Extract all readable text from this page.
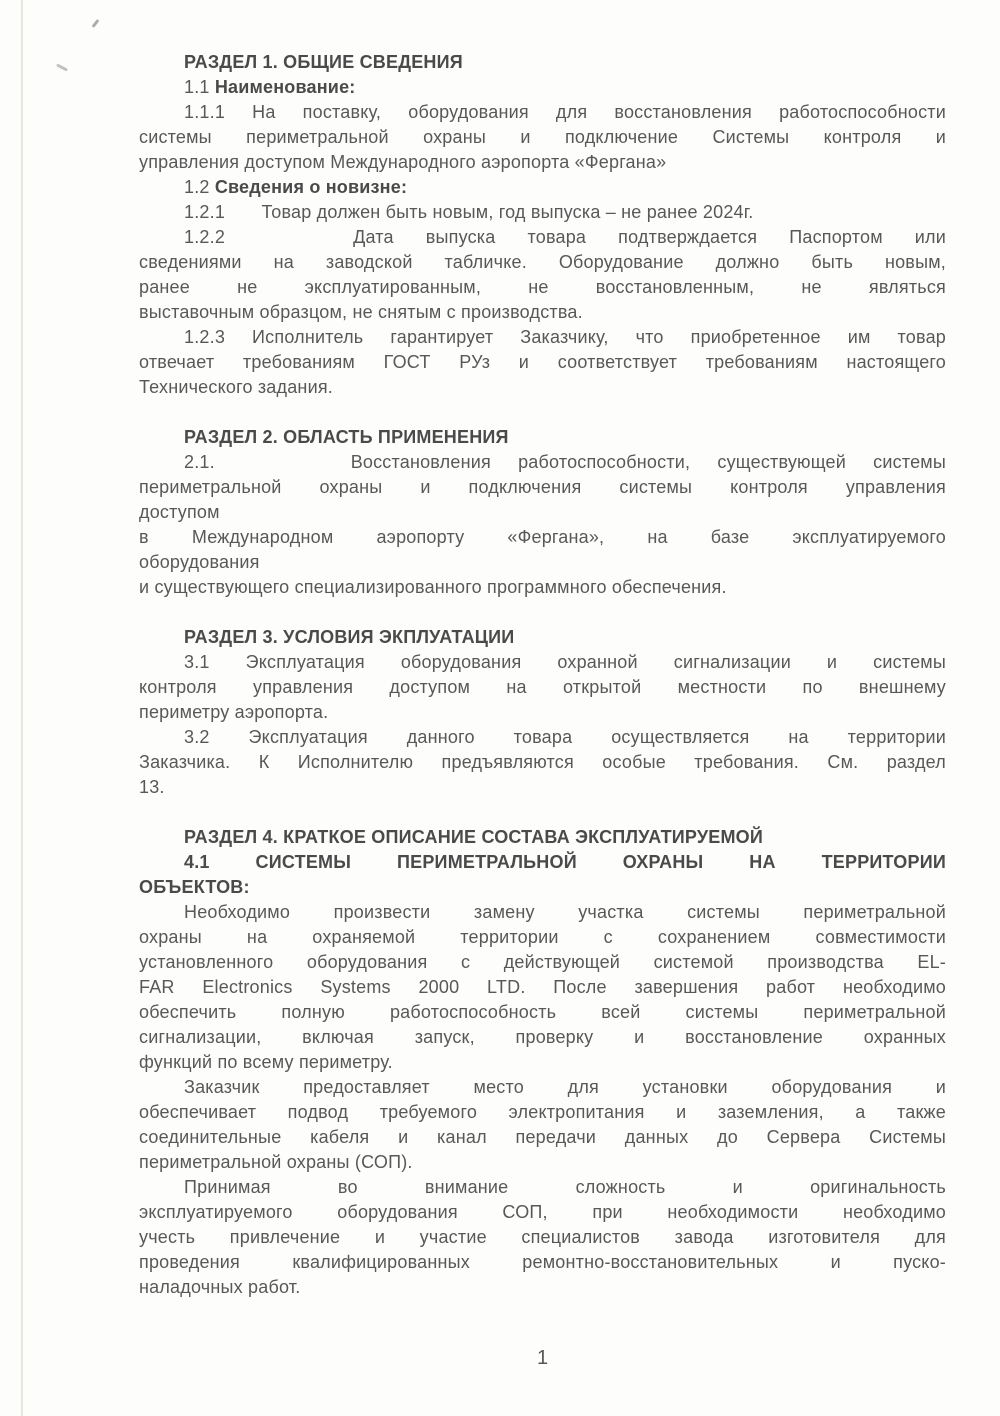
РАЗДЕЛ 1. ОБЩИЕ СВЕДЕНИЯ
1.1 Наименование:
1.1.1 На поставку, оборудования для восстановления работоспособности
системы периметральной охраны и подключение Системы контроля и
управления доступом Международного аэропорта «Фергана»
1.2 Сведения о новизне:
1.2.1       Товар должен быть новым, год выпуска – не ранее 2024г.
1.2.2    Дата выпуска товара подтверждается Паспортом или
сведениями на заводской табличке. Оборудование должно быть новым,
ранее не эксплуатированным, не восстановленным, не являться
выставочным образцом, не снятым с производства.
1.2.3 Исполнитель гарантирует Заказчику, что приобретенное им товар
отвечает требованиям ГОСТ РУз и соответствует требованиям настоящего
Технического задания.
РАЗДЕЛ 2. ОБЛАСТЬ ПРИМЕНЕНИЯ
2.1.     Восстановления работоспособности, существующей системы
периметральной охраны и подключения системы контроля управления
доступом
в Международном аэропорту «Фергана», на базе эксплуатируемого
оборудования
и существующего специализированного программного обеспечения.
РАЗДЕЛ 3. УСЛОВИЯ ЭКПЛУАТАЦИИ
3.1 Эксплуатация оборудования охранной сигнализации и системы
контроля управления доступом на открытой местности по внешнему
периметру аэропорта.
3.2 Эксплуатация данного товара осуществляется на территории
Заказчика. К Исполнителю предъявляются особые требования. См. раздел
13.
РАЗДЕЛ 4. КРАТКОЕ ОПИСАНИЕ СОСТАВА ЭКСПЛУАТИРУЕМОЙ
4.1 СИСТЕМЫ ПЕРИМЕТРАЛЬНОЙ ОХРАНЫ НА ТЕРРИТОРИИ
ОБЪЕКТОВ:
Необходимо произвести замену участка системы периметральной
охраны на охраняемой территории с сохранением совместимости
установленного оборудования с действующей системой производства EL-
FAR Electronics Systems 2000 LTD. После завершения работ необходимо
обеспечить полную работоспособность всей системы периметральной
сигнализации, включая запуск, проверку и восстановление охранных
функций по всему периметру.
Заказчик предоставляет место для установки оборудования и
обеспечивает подвод требуемого электропитания и заземления, а также
соединительные кабеля и канал передачи данных до Сервера Системы
периметральной охраны (СОП).
Принимая во внимание сложность и оригинальность
эксплуатируемого оборудования СОП, при необходимости необходимо
учесть привлечение и участие специалистов завода изготовителя для
проведения квалифицированных ремонтно-восстановительных и пуско-
наладочных работ.
1
